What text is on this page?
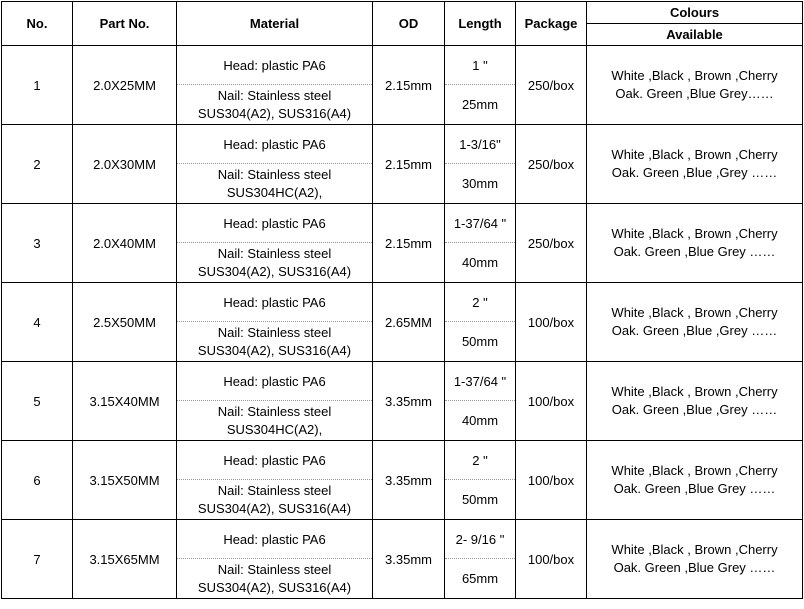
No.	Part No.	Material	OD	Length	Package	Colours
						Available
1	2.0X25MM	Head: plastic PA6	2.15mm	1 "	250/box	White ,Black , Brown ,Cherry
Oak. Green ,Blue Grey……

		Nail: Stainless steel
SUS304(A2), SUS316(A4)		25mm		
2	2.0X30MM	Head: plastic PA6	2.15mm	1-3/16"	250/box	White ,Black , Brown ,Cherry
Oak. Green ,Blue ,Grey ……

		Nail: Stainless steel
SUS304HC(A2),		30mm		
3	2.0X40MM	Head: plastic PA6	2.15mm	1-37/64 "	250/box	White ,Black , Brown ,Cherry
Oak. Green ,Blue Grey ……

		Nail: Stainless steel
SUS304(A2), SUS316(A4)		40mm		
4	2.5X50MM	Head: plastic PA6	2.65MM	2 "	100/box	White ,Black , Brown ,Cherry
Oak. Green ,Blue ,Grey ……

		Nail: Stainless steel
SUS304(A2), SUS316(A4)		50mm		
5	3.15X40MM	Head: plastic PA6	3.35mm	1-37/64 "	100/box	White ,Black , Brown ,Cherry
Oak. Green ,Blue ,Grey ……

		Nail: Stainless steel
SUS304HC(A2),		40mm		
6	3.15X50MM	Head: plastic PA6	3.35mm	2 "	100/box	White ,Black , Brown ,Cherry
Oak. Green ,Blue Grey ……

		Nail: Stainless steel
SUS304(A2), SUS316(A4)		50mm		
7	3.15X65MM	Head: plastic PA6	3.35mm	2- 9/16 "	100/box	White ,Black , Brown ,Cherry
Oak. Green ,Blue Grey ……

		Nail: Stainless steel
SUS304(A2), SUS316(A4)		65mm		
